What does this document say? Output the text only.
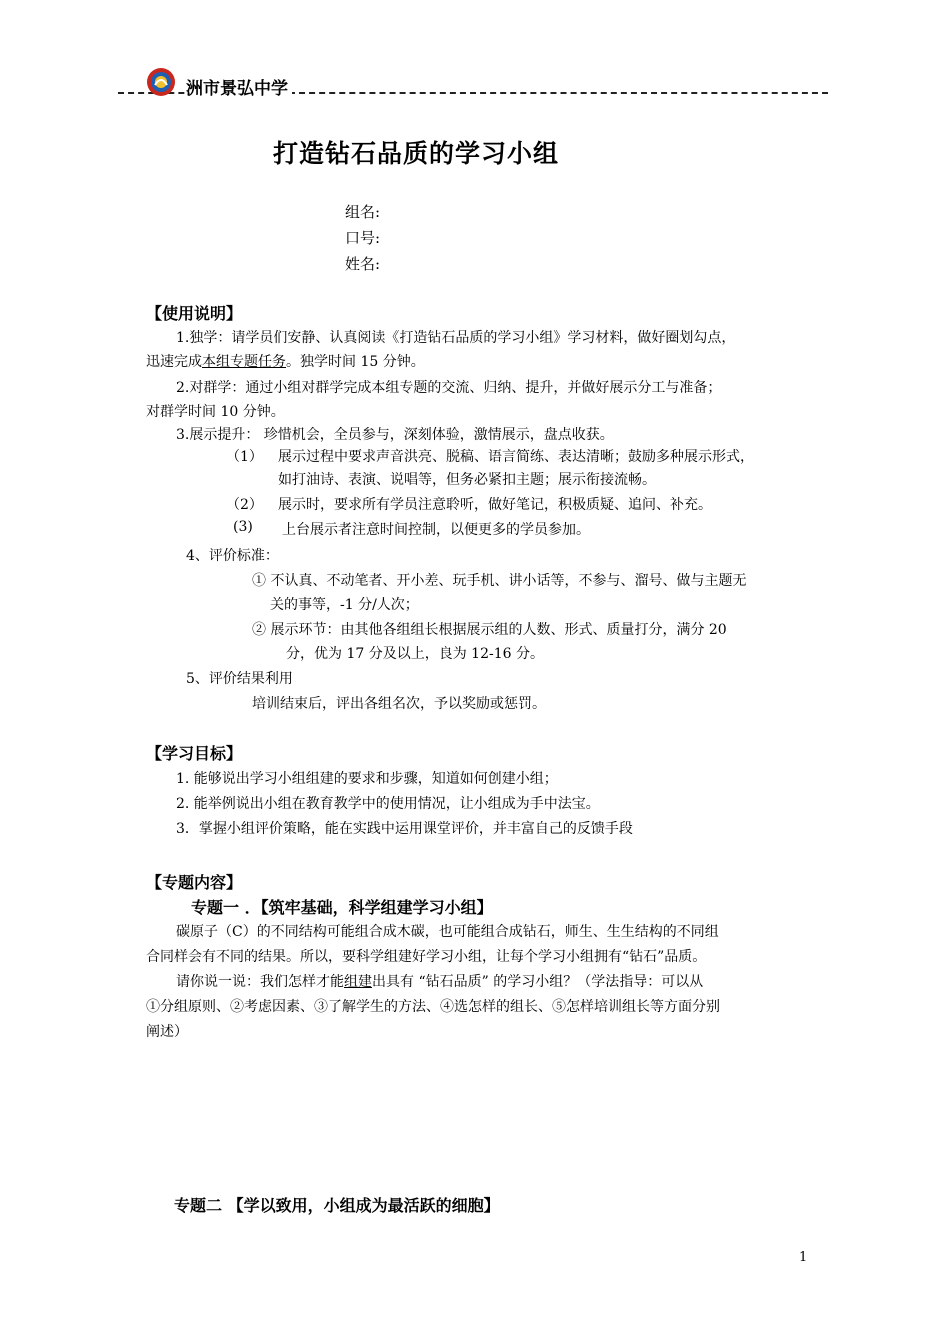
洲市景弘中学
打造钻石品质的学习小组
组名:
口号:
姓名:
【使用说明】
1.独学：请学员们安静、认真阅读《打造钻石品质的学习小组》学习材料，做好圈划勾点，
迅速完成本组专题任务。独学时间 15 分钟。
2.对群学：通过小组对群学完成本组专题的交流、归纳、提升，并做好展示分工与准备；
对群学时间 10 分钟。
3.展示提升： 珍惜机会，全员参与，深刻体验，激情展示，盘点收获。
（1） 展示过程中要求声音洪亮、脱稿、语言简练、表达清晰；鼓励多种展示形式，
如打油诗、表演、说唱等，但务必紧扣主题；展示衔接流畅。
（2） 展示时，要求所有学员注意聆听，做好笔记，积极质疑、追问、补充。
(3) 上台展示者注意时间控制，以便更多的学员参加。
4、评价标准：
① 不认真、不动笔者、开小差、玩手机、讲小话等，不参与、溜号、做与主题无
关的事等，-1 分/人次；
② 展示环节：由其他各组组长根据展示组的人数、形式、质量打分，满分 20
分，优为 17 分及以上，良为 12-16 分。
5、评价结果利用
培训结束后，评出各组名次，予以奖励或惩罚。
【学习目标】
1. 能够说出学习小组组建的要求和步骤，知道如何创建小组；
2. 能举例说出小组在教育教学中的使用情况，让小组成为手中法宝。
3．掌握小组评价策略，能在实践中运用课堂评价，并丰富自己的反馈手段
【专题内容】
专题一 ．【筑牢基础，科学组建学习小组】
碳原子（C）的不同结构可能组合成木碳，也可能组合成钻石，师生、生生结构的不同组
合同样会有不同的结果。所以，要科学组建好学习小组，让每个学习小组拥有“钻石”品质。
请你说一说：我们怎样才能组建出具有 “钻石品质” 的学习小组？（学法指导：可以从
①分组原则、②考虑因素、③了解学生的方法、④选怎样的组长、⑤怎样培训组长等方面分别
阐述）
专题二 【学以致用，小组成为最活跃的细胞】
1
